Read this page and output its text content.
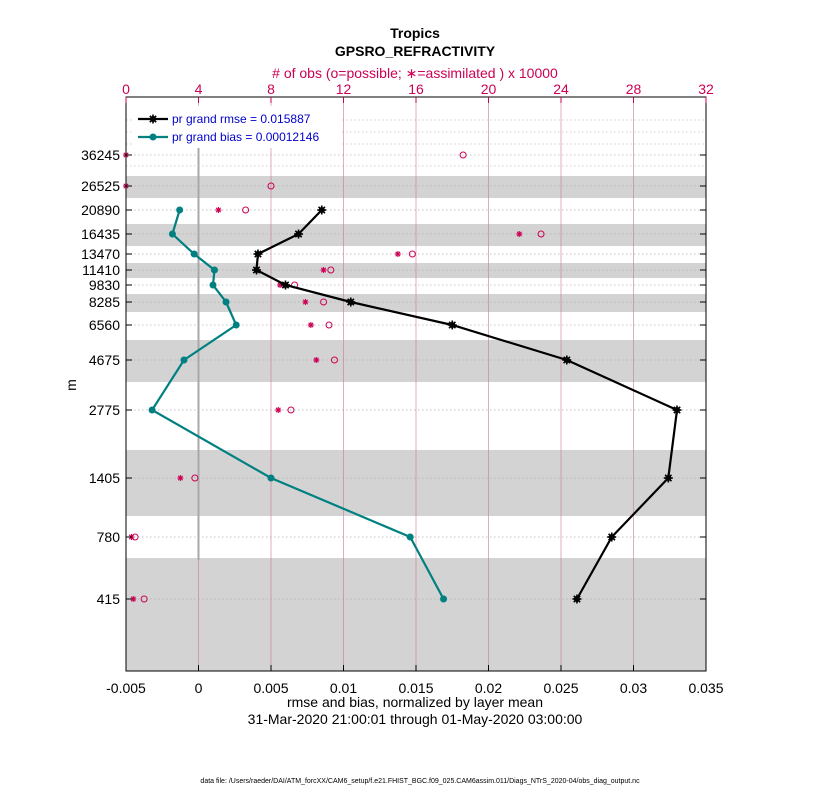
-0.005	0	0.005	0.01	0.015	0.02	0.025	0.03	0.035
0	4	8	12	16	20	24	28	32
36245
26525
20890
16435
13470
11410
9830
8285
6560
4675
2775
1405
780
415
pr grand rmse = 0.015887
pr grand bias = 0.00012146
Tropics
GPSRO_REFRACTIVITY
# of obs (o=possible; ∗=assimilated ) x 10000
rmse and bias, normalized by layer mean
31-Mar-2020 21:00:01 through 01-May-2020 03:00:00
m
data file: /Users/raeder/DAI/ATM_forcXX/CAM6_setup/f.e21.FHIST_BGC.f09_025.CAM6assim.011/Diags_NTrS_2020-04/obs_diag_output.nc
